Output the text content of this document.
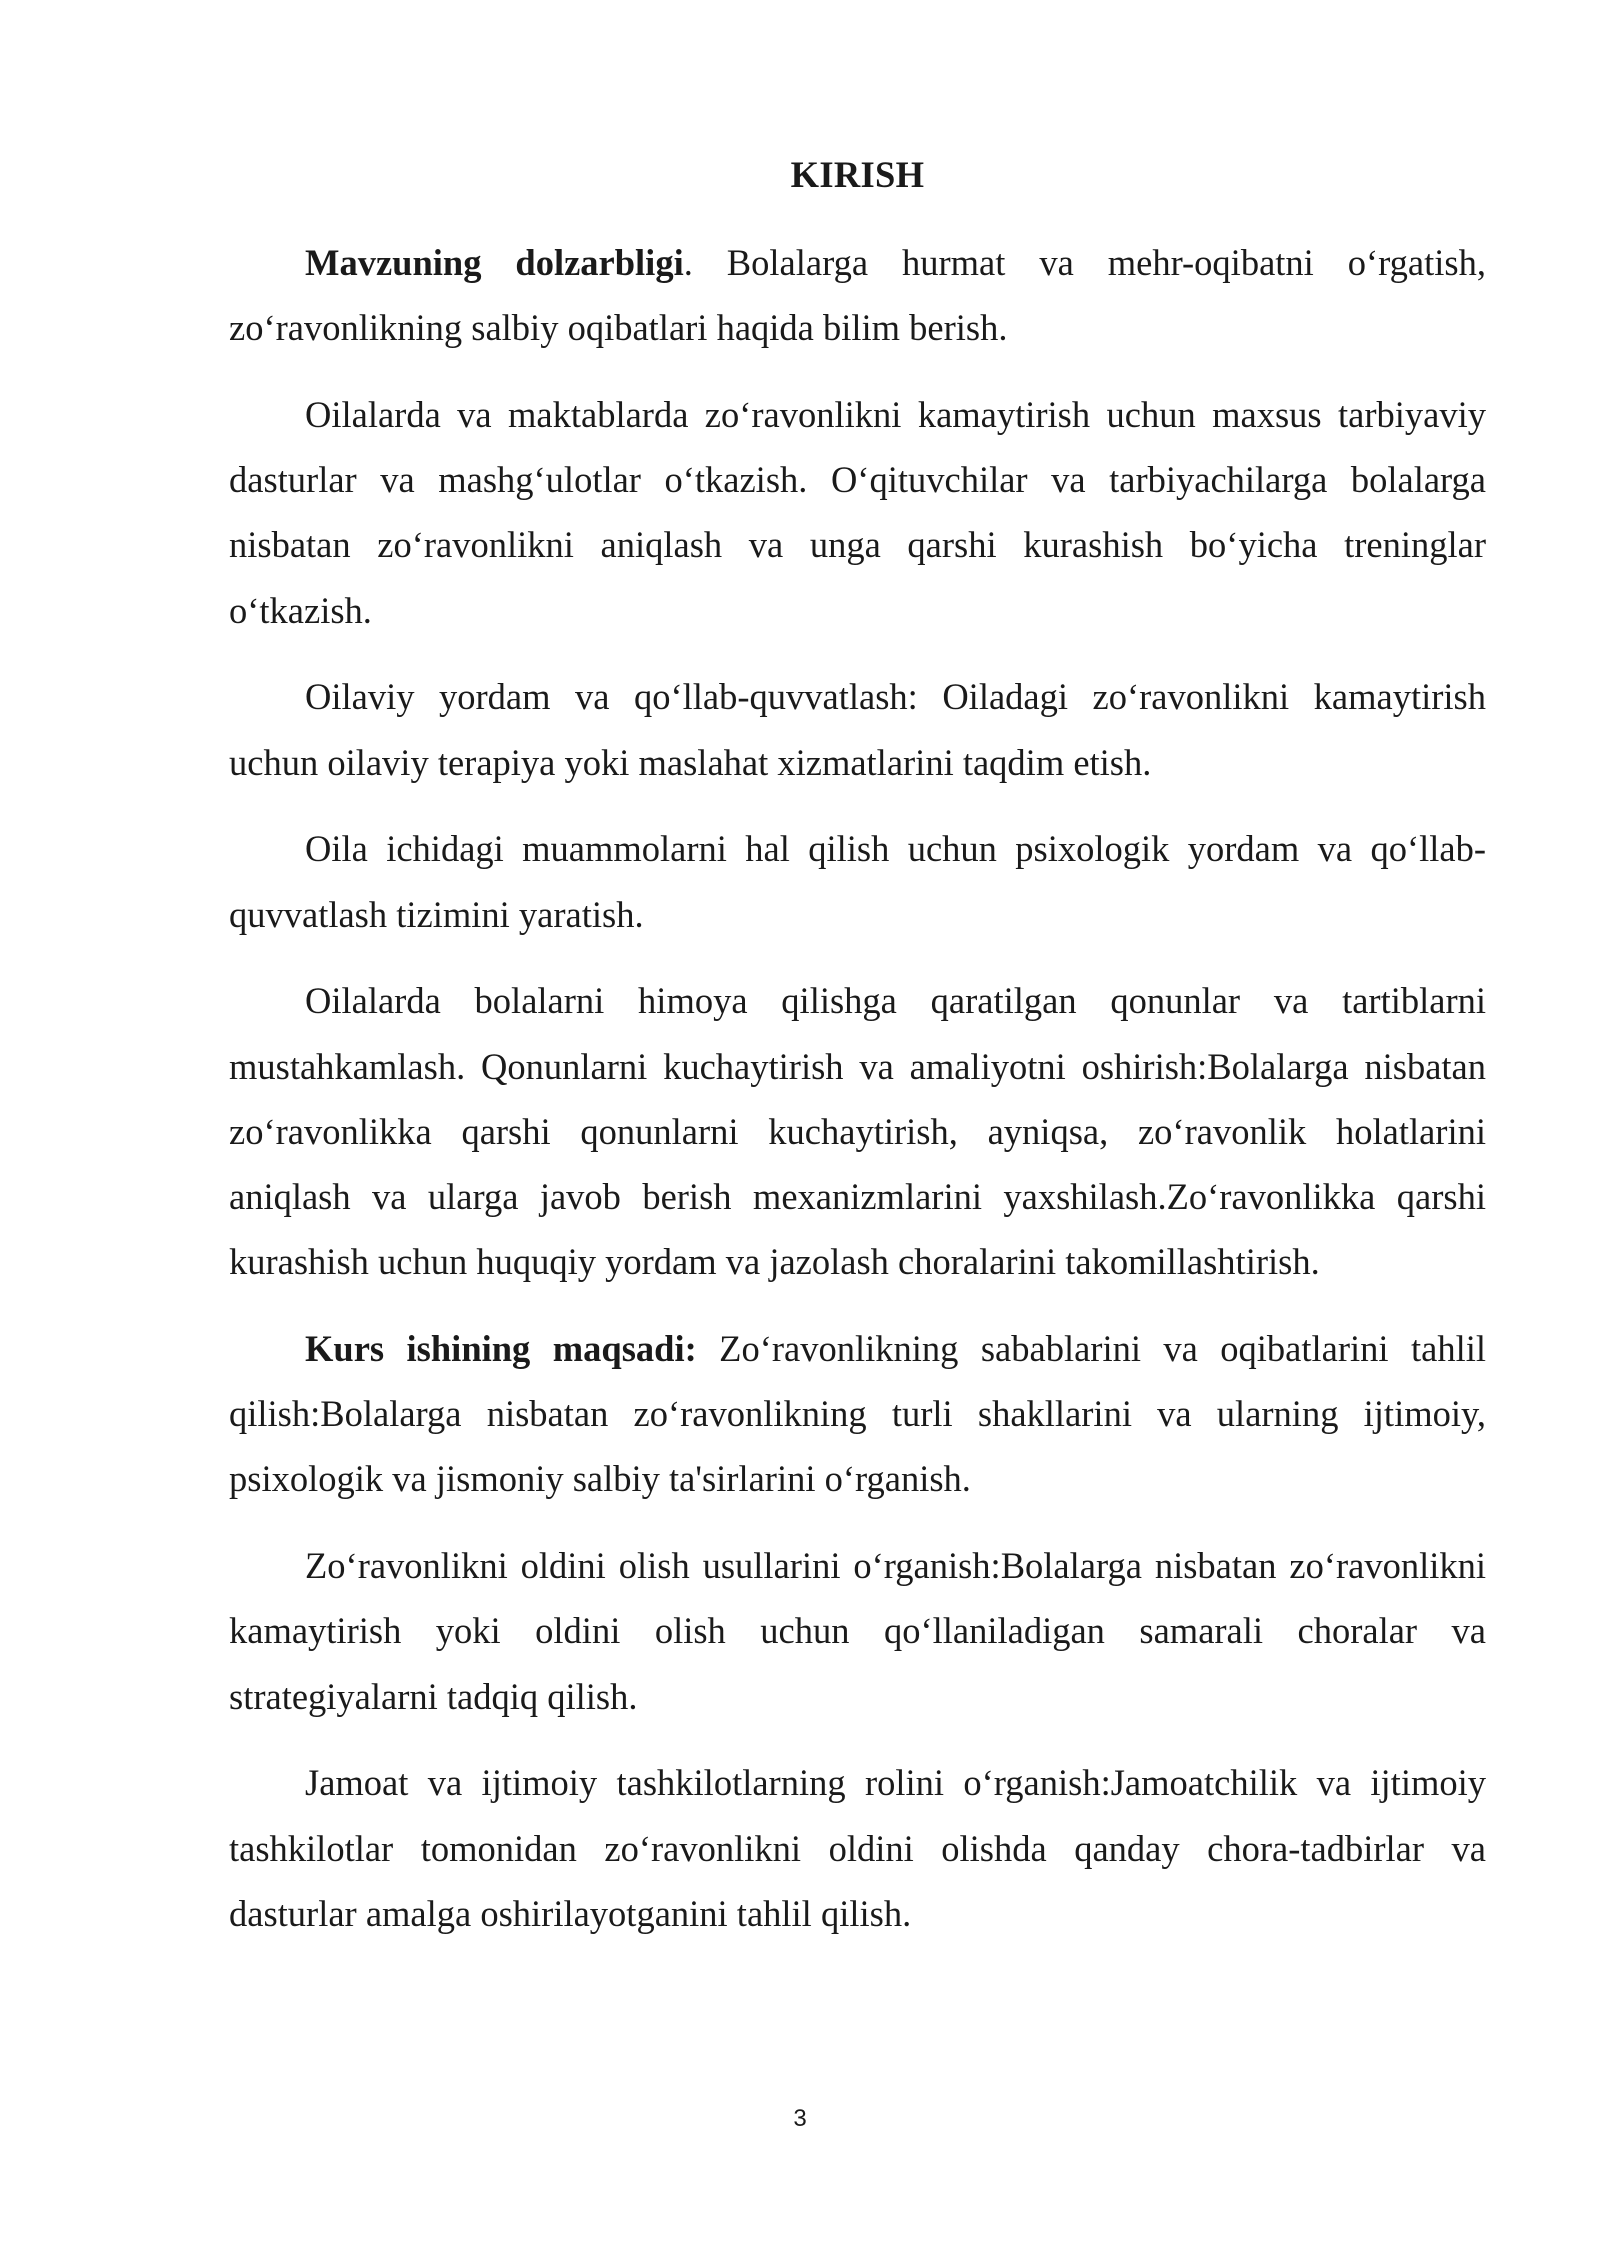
KIRISH

Mavzuning dolzarbligi. Bolalarga hurmat va mehr-oqibatni o‘rgatish, zo‘ravonlikning salbiy oqibatlari haqida bilim berish.

Oilalarda va maktablarda zo‘ravonlikni kamaytirish uchun maxsus tarbiyaviy dasturlar va mashg‘ulotlar o‘tkazish. O‘qituvchilar va tarbiyachilarga bolalarga nisbatan zo‘ravonlikni aniqlash va unga qarshi kurashish bo‘yicha treninglar o‘tkazish.

Oilaviy yordam va qo‘llab-quvvatlash: Oiladagi zo‘ravonlikni kamaytirish uchun oilaviy terapiya yoki maslahat xizmatlarini taqdim etish.

Oila ichidagi muammolarni hal qilish uchun psixologik yordam va qo‘llab-quvvatlash tizimini yaratish.

Oilalarda bolalarni himoya qilishga qaratilgan qonunlar va tartiblarni mustahkamlash. Qonunlarni kuchaytirish va amaliyotni oshirish:Bolalarga nisbatan zo‘ravonlikka qarshi qonunlarni kuchaytirish, ayniqsa, zo‘ravonlik holatlarini aniqlash va ularga javob berish mexanizmlarini yaxshilash.Zo‘ravonlikka qarshi kurashish uchun huquqiy yordam va jazolash choralarini takomillashtirish.

Kurs ishining maqsadi: Zo‘ravonlikning sabablarini va oqibatlarini tahlil qilish:Bolalarga nisbatan zo‘ravonlikning turli shakllarini va ularning ijtimoiy, psixologik va jismoniy salbiy ta'sirlarini o‘rganish.

Zo‘ravonlikni oldini olish usullarini o‘rganish:Bolalarga nisbatan zo‘ravonlikni kamaytirish yoki oldini olish uchun qo‘llaniladigan samarali choralar va strategiyalarni tadqiq qilish.

Jamoat va ijtimoiy tashkilotlarning rolini o‘rganish:Jamoatchilik va ijtimoiy tashkilotlar tomonidan zo‘ravonlikni oldini olishda qanday chora-tadbirlar va dasturlar amalga oshirilayotganini tahlil qilish.

3
